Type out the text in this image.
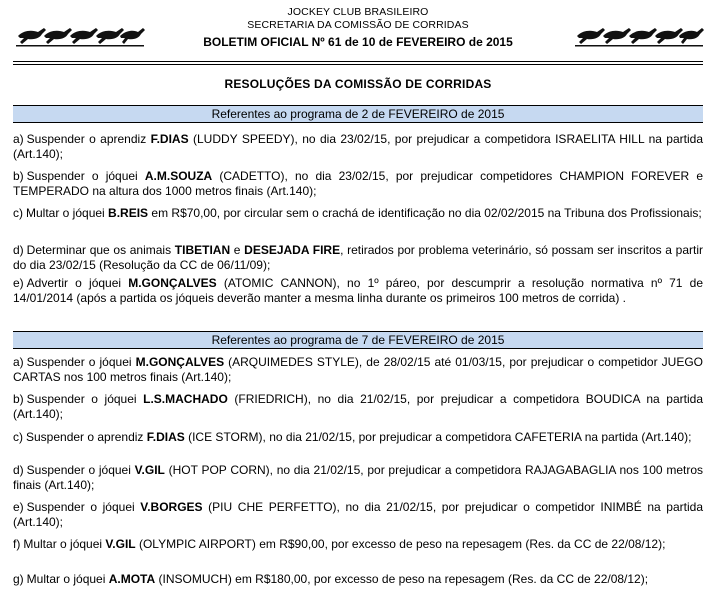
JOCKEY CLUB BRASILEIRO
SECRETARIA DA COMISSÃO DE CORRIDAS
BOLETIM OFICIAL Nº 61 de 10 de FEVEREIRO de 2015
RESOLUÇÕES DA COMISSÃO DE CORRIDAS
Referentes ao programa de 2 de FEVEREIRO de 2015
a) Suspender o aprendiz F.DIAS (LUDDY SPEEDY), no dia 23/02/15, por prejudicar a competidora ISRAELITA HILL na partida (Art.140);
b) Suspender o jóquei A.M.SOUZA (CADETTO), no dia 23/02/15, por prejudicar competidores CHAMPION FOREVER e TEMPERADO na altura dos 1000 metros finais (Art.140);
c) Multar o jóquei B.REIS em R$70,00, por circular sem o crachá de identificação no dia 02/02/2015 na Tribuna dos Profissionais;
d) Determinar que os animais TIBETIAN e DESEJADA FIRE, retirados por problema veterinário, só possam ser inscritos a partir do dia 23/02/15 (Resolução da CC de 06/11/09);
e) Advertir o jóquei M.GONÇALVES (ATOMIC CANNON), no 1º páreo, por descumprir a resolução normativa nº 71 de 14/01/2014 (após a partida os jóqueis deverão manter a mesma linha durante os primeiros 100 metros de corrida) .
Referentes ao programa de 7 de FEVEREIRO de 2015
a) Suspender o jóquei M.GONÇALVES (ARQUIMEDES STYLE), de 28/02/15 até 01/03/15, por prejudicar o competidor JUEGO CARTAS nos 100 metros finais (Art.140);
b) Suspender o jóquei L.S.MACHADO (FRIEDRICH), no dia 21/02/15, por prejudicar a competidora BOUDICA na partida (Art.140);
c) Suspender o aprendiz F.DIAS (ICE STORM), no dia 21/02/15, por prejudicar a competidora CAFETERIA na partida (Art.140);
d) Suspender o jóquei V.GIL (HOT POP CORN), no dia 21/02/15, por prejudicar a competidora RAJAGABAGLIA nos 100 metros finais (Art.140);
e) Suspender o jóquei V.BORGES (PIU CHE PERFETTO), no dia 21/02/15, por prejudicar o competidor INIMBÉ na partida (Art.140);
f) Multar o jóquei V.GIL (OLYMPIC AIRPORT) em R$90,00, por excesso de peso na repesagem (Res. da CC de 22/08/12);
g) Multar o jóquei A.MOTA (INSOMUCH) em R$180,00, por excesso de peso na repesagem (Res. da CC de 22/08/12);
